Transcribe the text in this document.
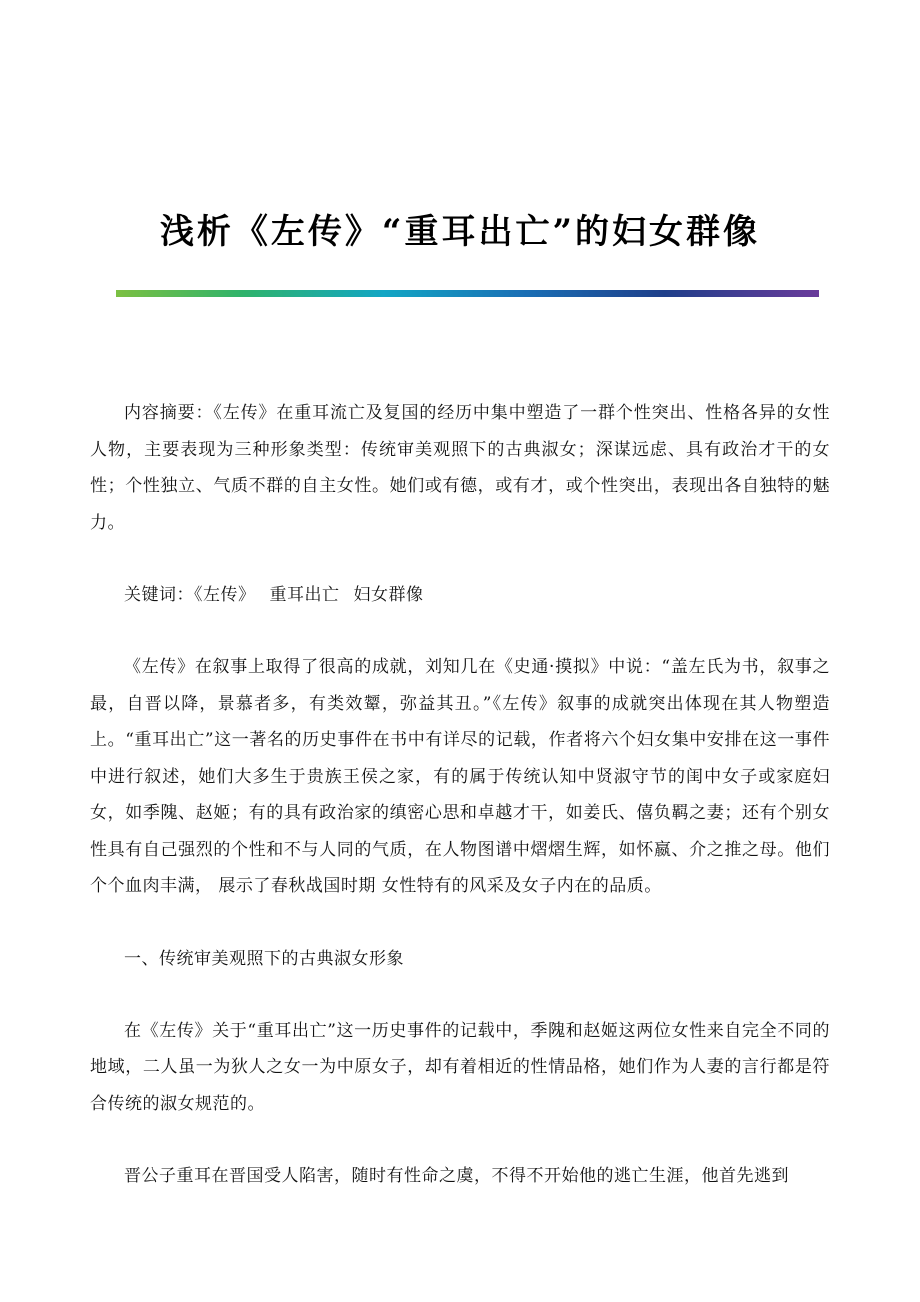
浅析《左传》“重耳出亡”的妇女群像

内容摘要：《左传》在重耳流亡及复国的经历中集中塑造了一群个性突出、性格各异的女性人物，主要表现为三种形象类型：传统审美观照下的古典淑女；深谋远虑、具有政治才干的女性；个性独立、气质不群的自主女性。她们或有德，或有才，或个性突出，表现出各自独特的魅力。

关键词：《左传》 重耳出亡 妇女群像

《左传》在叙事上取得了很高的成就，刘知几在《史通·摸拟》中说：“盖左氏为书，叙事之最，自晋以降，景慕者多，有类效颦，弥益其丑。”《左传》叙事的成就突出体现在其人物塑造上。“重耳出亡”这一著名的历史事件在书中有详尽的记载，作者将六个妇女集中安排在这一事件中进行叙述，她们大多生于贵族王侯之家，有的属于传统认知中贤淑守节的闺中女子或家庭妇女，如季隗、赵姬；有的具有政治家的缜密心思和卓越才干，如姜氏、僖负羁之妻；还有个别女性具有自己强烈的个性和不与人同的气质，在人物图谱中熠熠生辉，如怀嬴、介之推之母。他们个个血肉丰满， 展示了春秋战国时期 女性特有的风采及女子内在的品质。

一、传统审美观照下的古典淑女形象

在《左传》关于“重耳出亡”这一历史事件的记载中，季隗和赵姬这两位女性来自完全不同的地域，二人虽一为狄人之女一为中原女子，却有着相近的性情品格，她们作为人妻的言行都是符合传统的淑女规范的。

晋公子重耳在晋国受人陷害，随时有性命之虞，不得不开始他的逃亡生涯，他首先逃到
